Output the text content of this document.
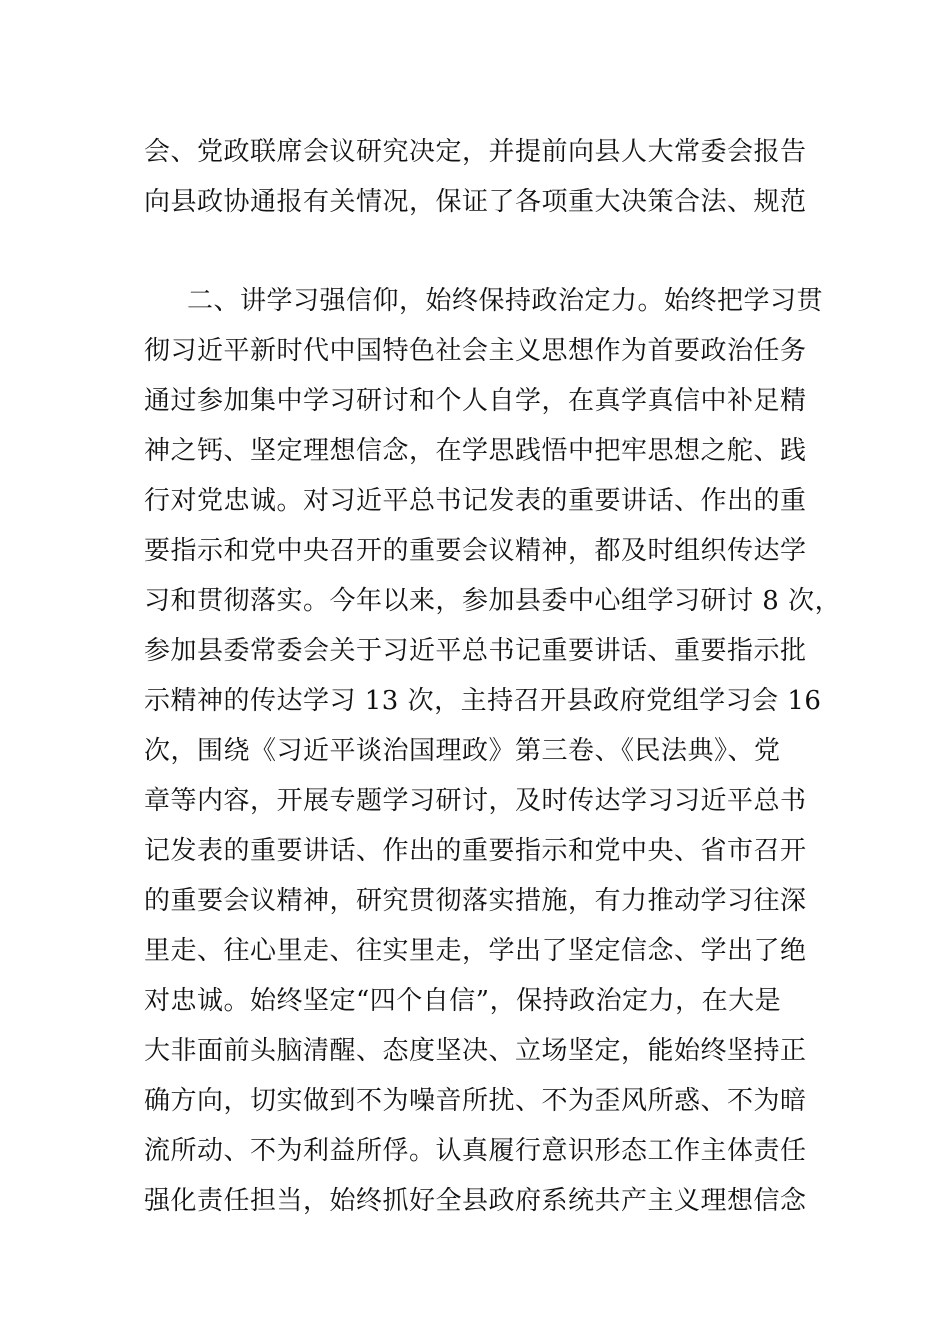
会、党政联席会议研究决定，并提前向县人大常委会报告
向县政协通报有关情况，保证了各项重大决策合法、规范
二、讲学习强信仰，始终保持政治定力。始终把学习贯
彻习近平新时代中国特色社会主义思想作为首要政治任务
通过参加集中学习研讨和个人自学，在真学真信中补足精
神之钙、坚定理想信念，在学思践悟中把牢思想之舵、践
行对党忠诚。对习近平总书记发表的重要讲话、作出的重
要指示和党中央召开的重要会议精神，都及时组织传达学
习和贯彻落实。今年以来，参加县委中心组学习研讨 8 次，
参加县委常委会关于习近平总书记重要讲话、重要指示批
示精神的传达学习 13 次，主持召开县政府党组学习会 16
次，围绕《习近平谈治国理政》第三卷、《民法典》、党
章等内容，开展专题学习研讨，及时传达学习习近平总书
记发表的重要讲话、作出的重要指示和党中央、省市召开
的重要会议精神，研究贯彻落实措施，有力推动学习往深
里走、往心里走、往实里走，学出了坚定信念、学出了绝
对忠诚。始终坚定“四个自信”，保持政治定力，在大是
大非面前头脑清醒、态度坚决、立场坚定，能始终坚持正
确方向，切实做到不为噪音所扰、不为歪风所惑、不为暗
流所动、不为利益所俘。认真履行意识形态工作主体责任
强化责任担当，始终抓好全县政府系统共产主义理想信念
